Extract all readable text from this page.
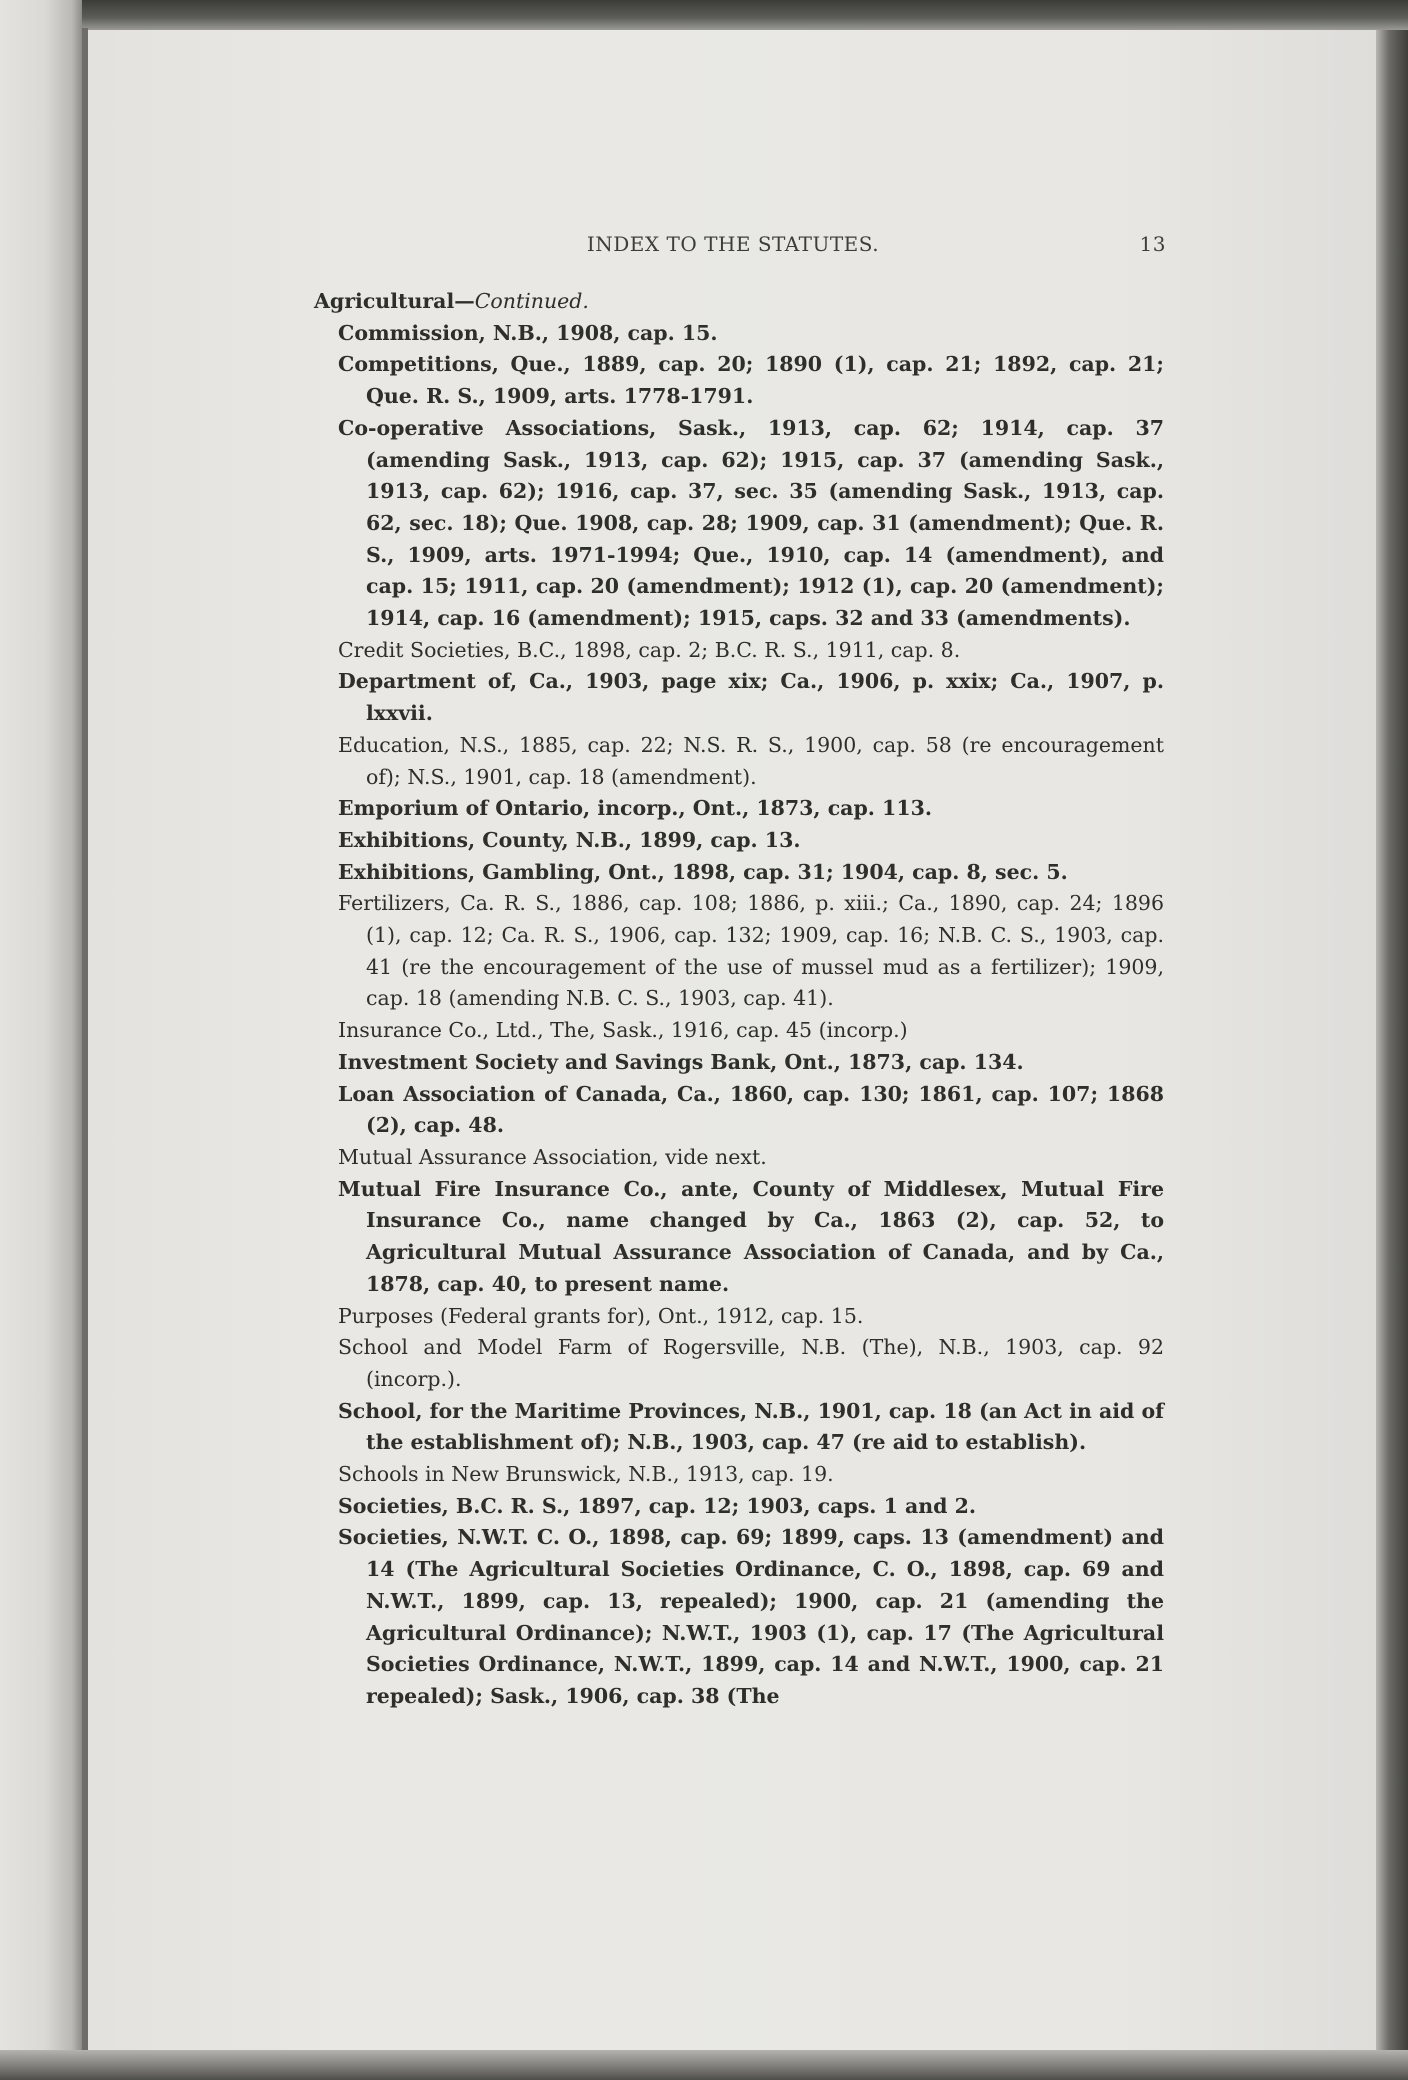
INDEX TO THE STATUTES.	13

Agricultural—Continued.

Commission, N.B., 1908, cap. 15.

Competitions, Que., 1889, cap. 20; 1890 (1), cap. 21; 1892, cap. 21; Que. R. S., 1909, arts. 1778-1791.

Co-operative Associations, Sask., 1913, cap. 62; 1914, cap. 37 (amending Sask., 1913, cap. 62); 1915, cap. 37 (amending Sask., 1913, cap. 62); 1916, cap. 37, sec. 35 (amending Sask., 1913, cap. 62, sec. 18); Que. 1908, cap. 28; 1909, cap. 31 (amendment); Que. R. S., 1909, arts. 1971-1994; Que., 1910, cap. 14 (amendment), and cap. 15; 1911, cap. 20 (amendment); 1912 (1), cap. 20 (amendment); 1914, cap. 16 (amendment); 1915, caps. 32 and 33 (amendments).

Credit Societies, B.C., 1898, cap. 2; B.C. R. S., 1911, cap. 8.

Department of, Ca., 1903, page xix; Ca., 1906, p. xxix; Ca., 1907, p. lxxvii.

Education, N.S., 1885, cap. 22; N.S. R. S., 1900, cap. 58 (re encouragement of); N.S., 1901, cap. 18 (amendment).

Emporium of Ontario, incorp., Ont., 1873, cap. 113.

Exhibitions, County, N.B., 1899, cap. 13.

Exhibitions, Gambling, Ont., 1898, cap. 31; 1904, cap. 8, sec. 5.

Fertilizers, Ca. R. S., 1886, cap. 108; 1886, p. xiii.; Ca., 1890, cap. 24; 1896 (1), cap. 12; Ca. R. S., 1906, cap. 132; 1909, cap. 16; N.B. C. S., 1903, cap. 41 (re the encouragement of the use of mussel mud as a fertilizer); 1909, cap. 18 (amending N.B. C. S., 1903, cap. 41).

Insurance Co., Ltd., The, Sask., 1916, cap. 45 (incorp.)

Investment Society and Savings Bank, Ont., 1873, cap. 134.

Loan Association of Canada, Ca., 1860, cap. 130; 1861, cap. 107; 1868 (2), cap. 48.

Mutual Assurance Association, vide next.

Mutual Fire Insurance Co., ante, County of Middlesex, Mutual Fire Insurance Co., name changed by Ca., 1863 (2), cap. 52, to Agricultural Mutual Assurance Association of Canada, and by Ca., 1878, cap. 40, to present name.

Purposes (Federal grants for), Ont., 1912, cap. 15.

School and Model Farm of Rogersville, N.B. (The), N.B., 1903, cap. 92 (incorp.).

School, for the Maritime Provinces, N.B., 1901, cap. 18 (an Act in aid of the establishment of); N.B., 1903, cap. 47 (re aid to establish).

Schools in New Brunswick, N.B., 1913, cap. 19.

Societies, B.C. R. S., 1897, cap. 12; 1903, caps. 1 and 2.

Societies, N.W.T. C. O., 1898, cap. 69; 1899, caps. 13 (amendment) and 14 (The Agricultural Societies Ordinance, C. O., 1898, cap. 69 and N.W.T., 1899, cap. 13, repealed); 1900, cap. 21 (amending the Agricultural Ordinance); N.W.T., 1903 (1), cap. 17 (The Agricultural Societies Ordinance, N.W.T., 1899, cap. 14 and N.W.T., 1900, cap. 21 repealed); Sask., 1906, cap. 38 (The
